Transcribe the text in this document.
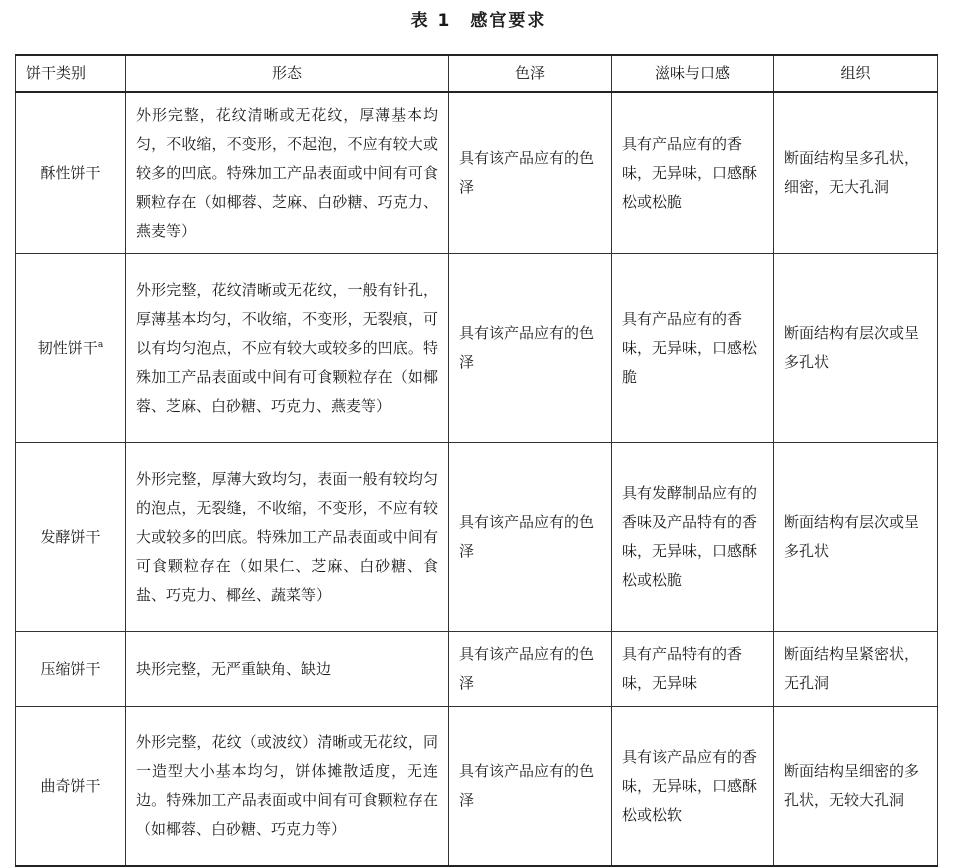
表 1　感官要求
饼干类别	形态	色泽	滋味与口感	组织
酥性饼干	外形完整，花纹清晰或无花纹，厚薄基本均匀，不收缩，不变形，不起泡，不应有较大或较多的凹底。特殊加工产品表面或中间有可食颗粒存在（如椰蓉、芝麻、白砂糖、巧克力、燕麦等）	具有该产品应有的色泽	具有产品应有的香味，无异味，口感酥松或松脆	断面结构呈多孔状，细密，无大孔洞
韧性饼干$^a$	外形完整，花纹清晰或无花纹，一般有针孔，厚薄基本均匀，不收缩，不变形，无裂痕，可以有均匀泡点，不应有较大或较多的凹底。特殊加工产品表面或中间有可食颗粒存在（如椰蓉、芝麻、白砂糖、巧克力、燕麦等）	具有该产品应有的色泽	具有产品应有的香味，无异味，口感松脆	断面结构有层次或呈多孔状
发酵饼干	外形完整，厚薄大致均匀，表面一般有较均匀的泡点，无裂缝，不收缩，不变形，不应有较大或较多的凹底。特殊加工产品表面或中间有可食颗粒存在（如果仁、芝麻、白砂糖、食盐、巧克力、椰丝、蔬菜等）	具有该产品应有的色泽	具有发酵制品应有的香味及产品特有的香味，无异味，口感酥松或松脆	断面结构有层次或呈多孔状
压缩饼干	块形完整，无严重缺角、缺边	具有该产品应有的色泽	具有产品特有的香味，无异味	断面结构呈紧密状，无孔洞
曲奇饼干	外形完整，花纹（或波纹）清晰或无花纹，同一造型大小基本均匀，饼体摊散适度，无连边。特殊加工产品表面或中间有可食颗粒存在（如椰蓉、白砂糖、巧克力等）	具有该产品应有的色泽	具有该产品应有的香味，无异味，口感酥松或松软	断面结构呈细密的多孔状，无较大孔洞
